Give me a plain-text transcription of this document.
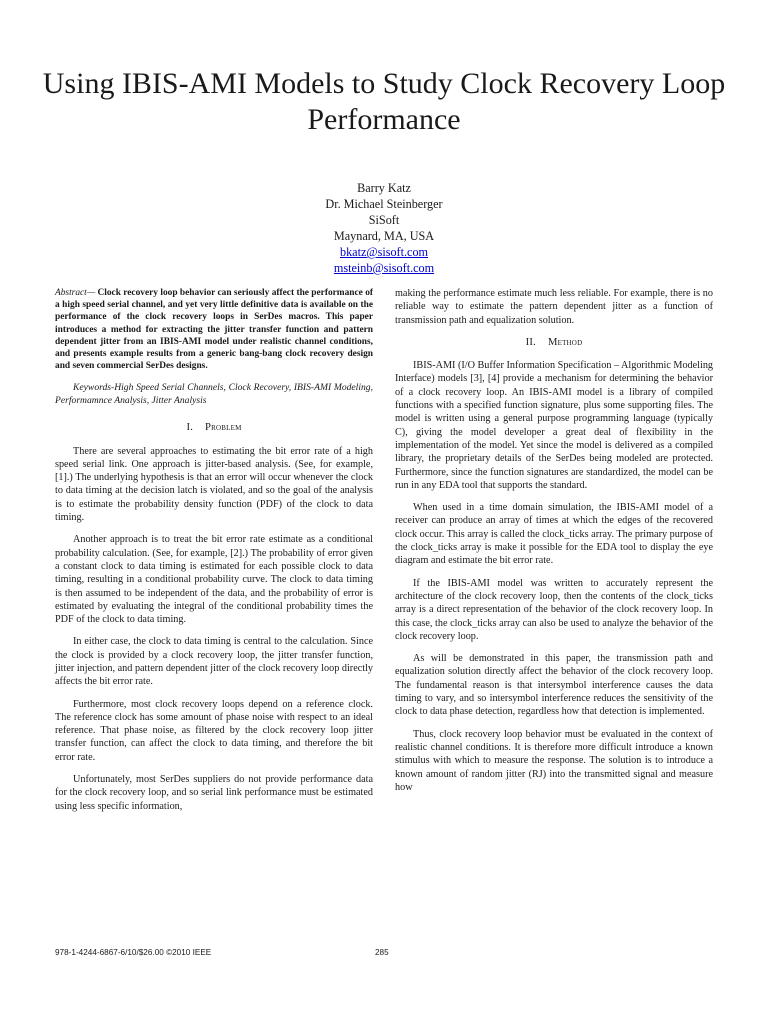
Using IBIS-AMI Models to Study Clock Recovery Loop Performance
Barry Katz
Dr. Michael Steinberger
SiSoft
Maynard, MA, USA
bkatz@sisoft.com
msteinb@sisoft.com

Abstract— Clock recovery loop behavior can seriously affect the performance of a high speed serial channel, and yet very little definitive data is available on the performance of the clock recovery loops in SerDes macros. This paper introduces a method for extracting the jitter transfer function and pattern dependent jitter from an IBIS-AMI model under realistic channel conditions, and presents example results from a generic bang-bang clock recovery design and seven commercial SerDes designs.

Keywords-High Speed Serial Channels, Clock Recovery, IBIS-AMI Modeling, Performamnce Analysis, Jitter Analysis

I. Problem

There are several approaches to estimating the bit error rate of a high speed serial link. One approach is jitter-based analysis. (See, for example, [1].) The underlying hypothesis is that an error will occur whenever the clock to data timing at the decision latch is violated, and so the goal of the analysis is to estimate the probability density function (PDF) of the clock to data timing.

Another approach is to treat the bit error rate estimate as a conditional probability calculation. (See, for example, [2].) The probability of error given a constant clock to data timing is estimated for each possible clock to data timing, resulting in a conditional probability curve. The clock to data timing is then assumed to be independent of the data, and the probability of error is estimated by evaluating the integral of the conditional probability times the PDF of the clock to data timing.

In either case, the clock to data timing is central to the calculation. Since the clock is provided by a clock recovery loop, the jitter transfer function, jitter injection, and pattern dependent jitter of the clock recovery loop directly affects the bit error rate.

Furthermore, most clock recovery loops depend on a reference clock. The reference clock has some amount of phase noise with respect to an ideal reference. That phase noise, as filtered by the clock recovery loop jitter transfer function, can affect the clock to data timing, and therefore the bit error rate.

Unfortunately, most SerDes suppliers do not provide performance data for the clock recovery loop, and so serial link performance must be estimated using less specific information,

making the performance estimate much less reliable. For example, there is no reliable way to estimate the pattern dependent jitter as a function of transmission path and equalization solution.

II. Method

IBIS-AMI (I/O Buffer Information Specification – Algorithmic Modeling Interface) models [3], [4] provide a mechanism for determining the behavior of a clock recovery loop. An IBIS-AMI model is a library of compiled functions with a specified function signature, plus some supporting files. The model is written using a general purpose programming language (typically C), giving the model developer a great deal of flexibility in the implementation of the model. Yet since the model is delivered as a compiled library, the proprietary details of the SerDes being modeled are protected. Furthermore, since the function signatures are standardized, the model can be run in any EDA tool that supports the standard.

When used in a time domain simulation, the IBIS-AMI model of a receiver can produce an array of times at which the edges of the recovered clock occur. This array is called the clock_ticks array. The primary purpose of the clock_ticks array is make it possible for the EDA tool to display the eye diagram and estimate the bit error rate.

If the IBIS-AMI model was written to accurately represent the architecture of the clock recovery loop, then the contents of the clock_ticks array is a direct representation of the behavior of the clock recovery loop. In this case, the clock_ticks array can also be used to analyze the behavior of the clock recovery loop.

As will be demonstrated in this paper, the transmission path and equalization solution directly affect the behavior of the clock recovery loop. The fundamental reason is that intersymbol interference causes the data timing to vary, and so intersymbol interference reduces the sensitivity of the clock to data phase detection, regardless how that detection is implemented.

Thus, clock recovery loop behavior must be evaluated in the context of realistic channel conditions. It is therefore more difficult introduce a known stimulus with which to measure the response. The solution is to introduce a known amount of random jitter (RJ) into the transmitted signal and measure how

978-1-4244-6867-6/10/$26.00 ©2010 IEEE	285
